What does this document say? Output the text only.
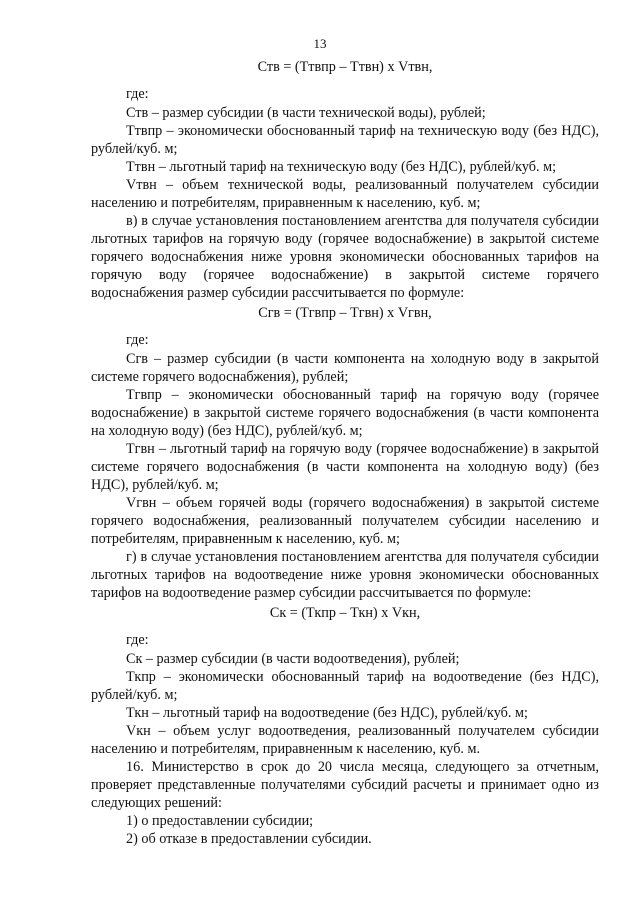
13

Ств = (Ттвпр – Ттвн) х Vтвн,

где:

Ств – размер субсидии (в части технической воды), рублей;

Ттвпр – экономически обоснованный тариф на техническую воду (без НДС), рублей/куб. м;

Ттвн – льготный тариф на техническую воду (без НДС), рублей/куб. м;

Vтвн – объем технической воды, реализованный получателем субсидии населению и потребителям, приравненным к населению, куб. м;

в) в случае установления постановлением агентства для получателя субсидии льготных тарифов на горячую воду (горячее водоснабжение) в закрытой системе горячего водоснабжения ниже уровня экономически обоснованных тарифов на горячую воду (горячее водоснабжение) в закрытой системе горячего водоснабжения размер субсидии рассчитывается по формуле:

Сгв = (Тгвпр – Тгвн) х Vгвн,

где:

Сгв – размер субсидии (в части компонента на холодную воду в закрытой системе горячего водоснабжения), рублей;

Тгвпр – экономически обоснованный тариф на горячую воду (горячее водоснабжение) в закрытой системе горячего водоснабжения (в части компонента на холодную воду) (без НДС), рублей/куб. м;

Тгвн – льготный тариф на горячую воду (горячее водоснабжение) в закрытой системе горячего водоснабжения (в части компонента на холодную воду) (без НДС), рублей/куб. м;

Vгвн – объем горячей воды (горячего водоснабжения) в закрытой системе горячего водоснабжения, реализованный получателем субсидии населению и потребителям, приравненным к населению, куб. м;

г) в случае установления постановлением агентства для получателя субсидии льготных тарифов на водоотведение ниже уровня экономически обоснованных тарифов на водоотведение размер субсидии рассчитывается по формуле:

Ск = (Ткпр – Ткн) х Vкн,

где:

Ск – размер субсидии (в части водоотведения), рублей;

Ткпр – экономически обоснованный тариф на водоотведение (без НДС), рублей/куб. м;

Ткн – льготный тариф на водоотведение (без НДС), рублей/куб. м;

Vкн – объем услуг водоотведения, реализованный получателем субсидии населению и потребителям, приравненным к населению, куб. м.

16. Министерство в срок до 20 числа месяца, следующего за отчетным, проверяет представленные получателями субсидий расчеты и принимает одно из следующих решений:

1) о предоставлении субсидии;

2) об отказе в предоставлении субсидии.
